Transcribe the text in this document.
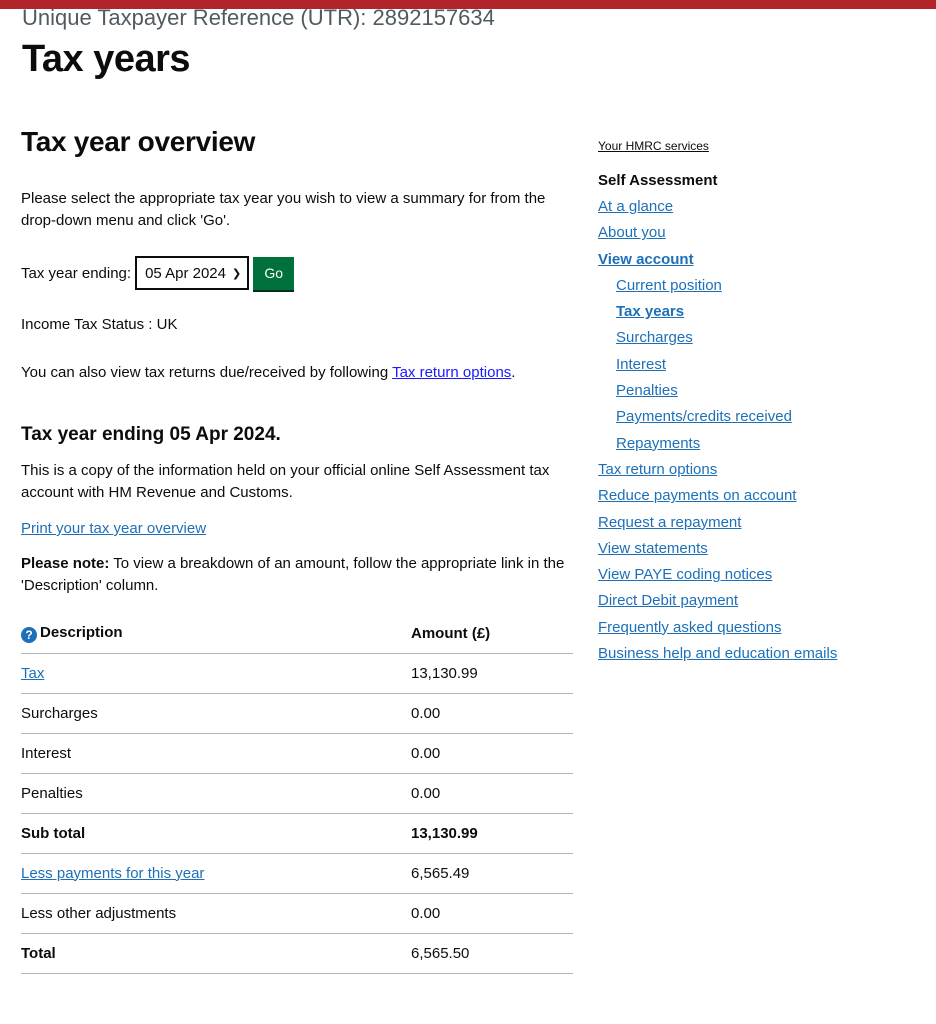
Unique Taxpayer Reference (UTR): 2892157634
Tax years
Tax year overview

Please select the appropriate tax year you wish to view a summary for from the drop-down menu and click 'Go'.

Tax year ending: 05 Apr 2024 ❯	Go

Income Tax Status : UK

You can also view tax returns due/received by following Tax return options.

Tax year ending 05 Apr 2024.

This is a copy of the information held on your official online Self Assessment tax account with HM Revenue and Customs.

Print your tax year overview

Please note: To view a breakdown of an amount, follow the appropriate link in the 'Description' column.

? Description	Amount (£)
Tax	13,130.99
Surcharges	0.00
Interest	0.00
Penalties	0.00
Sub total	13,130.99
Less payments for this year	6,565.49
Less other adjustments	0.00
Total	6,565.50
Your HMRC services
Self Assessment
At a glance
About you
View account
Current position
Tax years
Surcharges
Interest
Penalties
Payments/credits received
Repayments
Tax return options
Reduce payments on account
Request a repayment
View statements
View PAYE coding notices
Direct Debit payment
Frequently asked questions
Business help and education emails
